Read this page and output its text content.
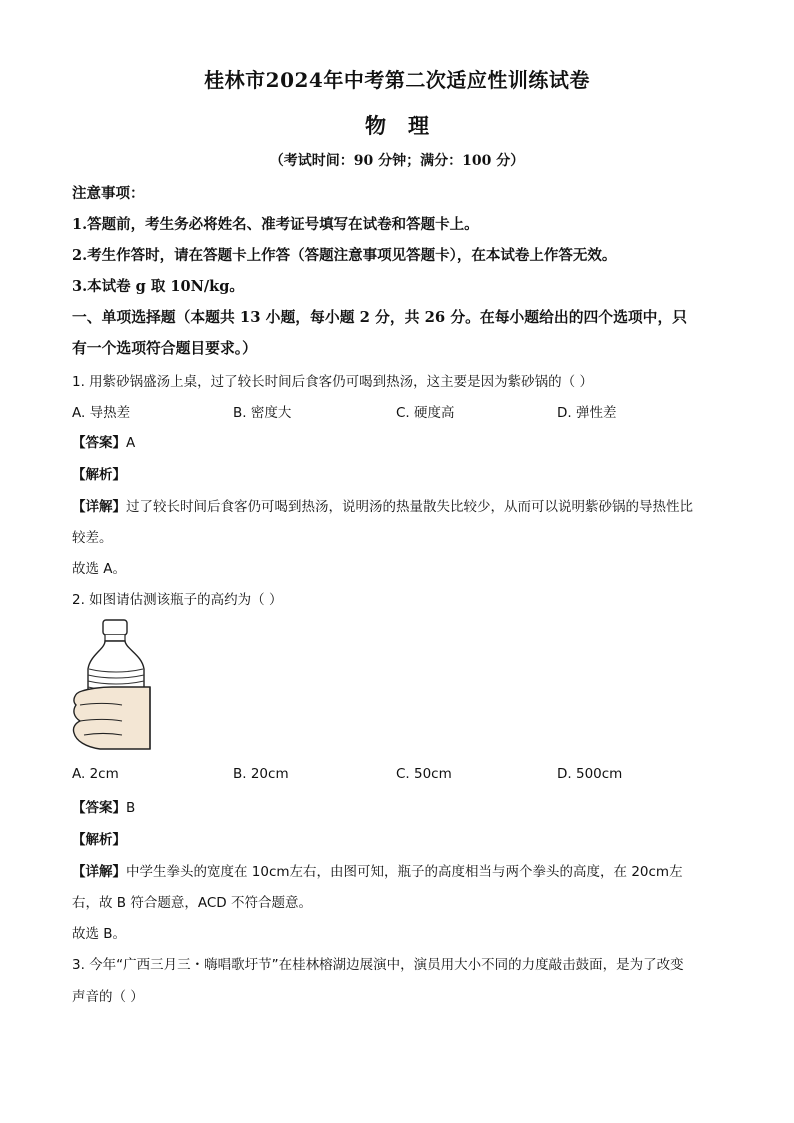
桂林市2024年中考第二次适应性训练试卷
物 理
（考试时间：90 分钟；满分：100 分）
注意事项：
1.答题前，考生务必将姓名、准考证号填写在试卷和答题卡上。
2.考生作答时，请在答题卡上作答（答题注意事项见答题卡），在本试卷上作答无效。
3.本试卷 g 取 10N/kg。
一、单项选择题（本题共 13 小题，每小题 2 分，共 26 分。在每小题给出的四个选项中，只
有一个选项符合题目要求。）
1. 用紫砂锅盛汤上桌，过了较长时间后食客仍可喝到热汤，这主要是因为紫砂锅的（ ）
A. 导热差	B. 密度大	C. 硬度高	D. 弹性差
【答案】A
【解析】
【详解】过了较长时间后食客仍可喝到热汤，说明汤的热量散失比较少，从而可以说明紫砂锅的导热性比
较差。
故选 A。
2. 如图请估测该瓶子的高约为（ ）
A. 2cm	B. 20cm	C. 50cm	D. 500cm
【答案】B
【解析】
【详解】中学生拳头的宽度在 10cm左右，由图可知，瓶子的高度相当与两个拳头的高度，在 20cm左
右，故 B 符合题意，ACD 不符合题意。
故选 B。
3. 今年“广西三月三・嗨唱歌圩节”在桂林榕湖边展演中，演员用大小不同的力度敲击鼓面，是为了改变
声音的（ ）
